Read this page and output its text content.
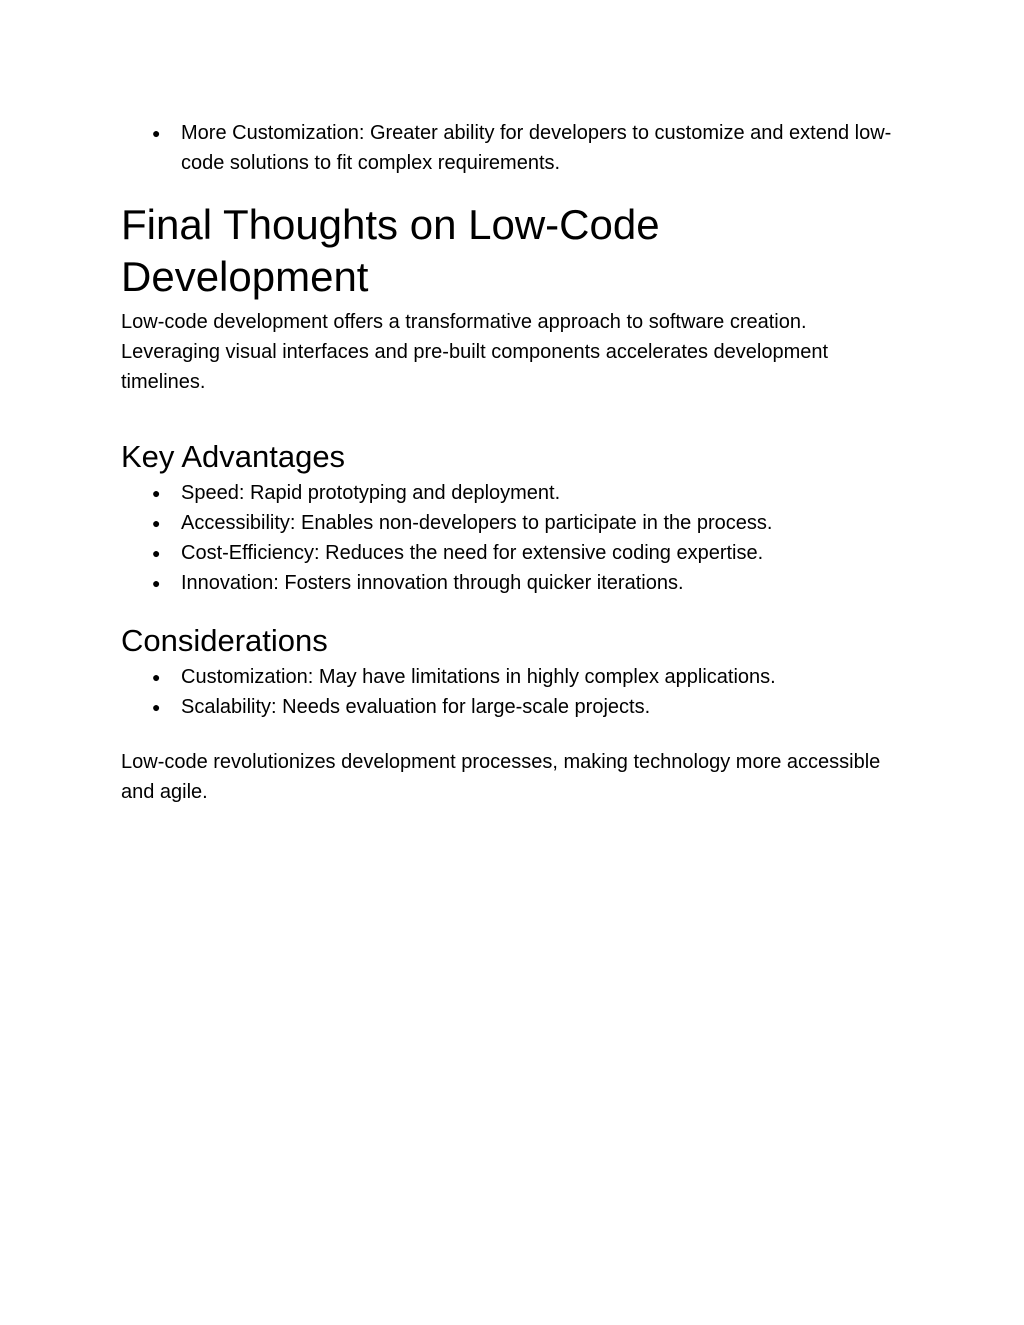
● More Customization: Greater ability for developers to customize and extend low-code solutions to fit complex requirements.
Final Thoughts on Low-Code Development

Low-code development offers a transformative approach to software creation. Leveraging visual interfaces and pre-built components accelerates development timelines.

Key Advantages
● Speed: Rapid prototyping and deployment.
● Accessibility: Enables non-developers to participate in the process.
● Cost-Efficiency: Reduces the need for extensive coding expertise.
● Innovation: Fosters innovation through quicker iterations.
Considerations
● Customization: May have limitations in highly complex applications.
● Scalability: Needs evaluation for large-scale projects.

Low-code revolutionizes development processes, making technology more accessible and agile.
